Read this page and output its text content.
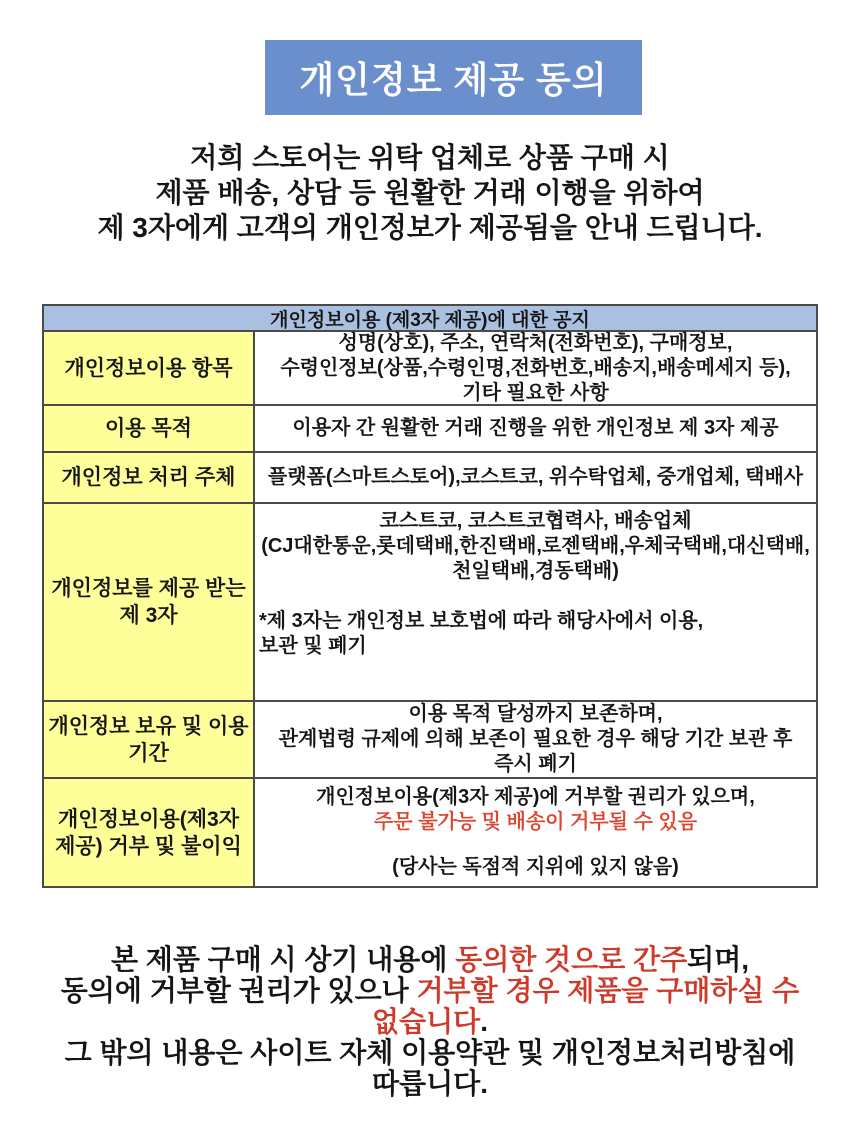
개인정보 제공 동의
저희 스토어는 위탁 업체로 상품 구매 시
제품 배송, 상담 등 원활한 거래 이행을 위하여
제 3자에게 고객의 개인정보가 제공됨을 안내 드립니다.
개인정보이용 (제3자 제공)에 대한 공지
개인정보이용 항목
성명(상호), 주소, 연락처(전화번호), 구매정보,
수령인정보(상품,수령인명,전화번호,배송지,배송메세지 등),
기타 필요한 사항
이용 목적	이용자 간 원활한 거래 진행을 위한 개인정보 제 3자 제공
개인정보 처리 주체	플랫폼(스마트스토어),코스트코, 위수탁업체, 중개업체, 택배사
개인정보를 제공 받는 제 3자
코스트코, 코스트코협력사, 배송업체
(CJ대한통운,롯데택배,한진택배,로젠택배,우체국택배,대신택배,
천일택배,경동택배)
*제 3자는 개인정보 보호법에 따라 해당사에서 이용,
보관 및 폐기
개인정보 보유 및 이용 기간
이용 목적 달성까지 보존하며,
관계법령 규제에 의해 보존이 필요한 경우 해당 기간 보관 후
즉시 폐기
개인정보이용(제3자 제공) 거부 및 불이익
개인정보이용(제3자 제공)에 거부할 권리가 있으며,
주문 불가능 및 배송이 거부될 수 있음
(당사는 독점적 지위에 있지 않음)
본 제품 구매 시 상기 내용에 동의한 것으로 간주되며,
동의에 거부할 권리가 있으나 거부할 경우 제품을 구매하실 수
없습니다.
그 밖의 내용은 사이트 자체 이용약관 및 개인정보처리방침에
따릅니다.
